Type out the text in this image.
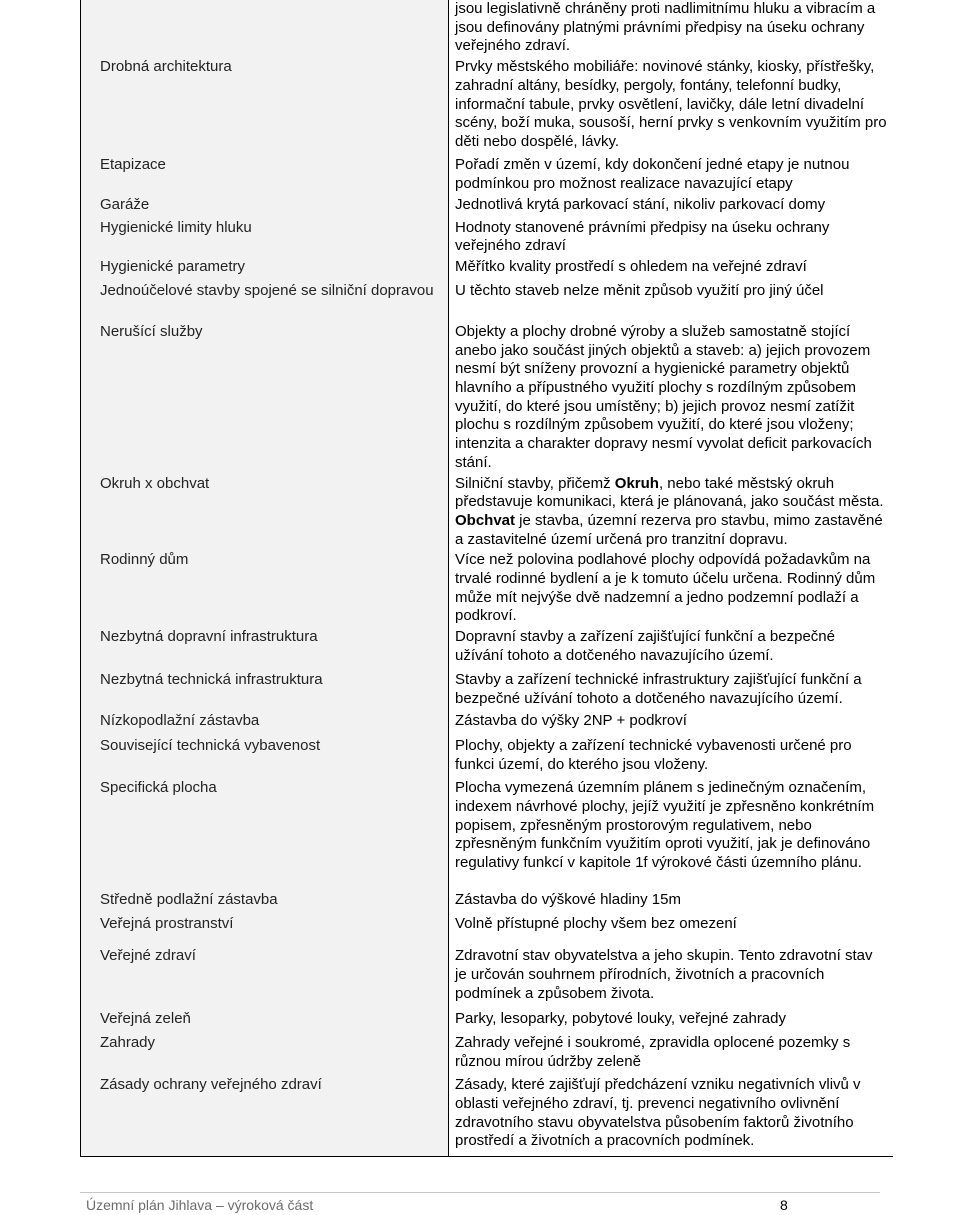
	jsou legislativně chráněny proti nadlimitnímu hluku a vibracím a jsou definovány platnými právními předpisy na úseku ochrany veřejného zdraví.
Drobná architektura	Prvky městského mobiliáře: novinové stánky, kiosky, přístřešky, zahradní altány, besídky, pergoly, fontány, telefonní budky, informační tabule, prvky osvětlení, lavičky, dále letní divadelní scény, boží muka, sousoší, herní prvky s venkovním využitím pro děti nebo dospělé, lávky.
Etapizace	Pořadí změn v území, kdy dokončení jedné etapy je nutnou podmínkou pro možnost realizace navazující etapy
Garáže	Jednotlivá krytá parkovací stání, nikoliv parkovací domy
Hygienické limity hluku	Hodnoty stanovené právními předpisy na úseku ochrany veřejného zdraví
Hygienické parametry	Měřítko kvality prostředí s ohledem na veřejné zdraví
Jednoúčelové stavby spojené se silniční dopravou	U těchto staveb nelze měnit způsob využití pro jiný účel
Nerušící služby	Objekty a plochy drobné výroby a služeb samostatně stojící anebo jako součást jiných objektů a staveb: a) jejich provozem nesmí být sníženy provozní a hygienické parametry objektů hlavního a přípustného využití plochy s rozdílným způsobem využití, do které jsou umístěny; b) jejich provoz nesmí zatížit plochu s rozdílným způsobem využití, do které jsou vloženy; intenzita a charakter dopravy nesmí vyvolat deficit parkovacích stání.
Okruh x obchvat	Silniční stavby, přičemž Okruh, nebo také městský okruh představuje komunikaci, která je plánovaná, jako součást města. Obchvat je stavba, územní rezerva pro stavbu, mimo zastavěné a zastavitelné území určená pro tranzitní dopravu.
Rodinný dům	Více než polovina podlahové plochy odpovídá požadavkům na trvalé rodinné bydlení a je k tomuto účelu určena. Rodinný dům může mít nejvýše dvě nadzemní a jedno podzemní podlaží a podkroví.
Nezbytná dopravní infrastruktura	Dopravní stavby a zařízení zajišťující funkční a bezpečné užívání tohoto a dotčeného navazujícího území.
Nezbytná technická infrastruktura	Stavby a zařízení technické infrastruktury zajišťující funkční a bezpečné užívání tohoto a dotčeného navazujícího území.
Nízkopodlažní zástavba	Zástavba do výšky 2NP + podkroví
Související technická vybavenost	Plochy, objekty a zařízení technické vybavenosti určené pro funkci území, do kterého jsou vloženy.
Specifická plocha	Plocha vymezená územním plánem s jedinečným označením, indexem návrhové plochy, jejíž využití je zpřesněno konkrétním popisem, zpřesněným prostorovým regulativem, nebo zpřesněným funkčním využitím oproti využití, jak je definováno regulativy funkcí v kapitole 1f výrokové části územního plánu.
Středně podlažní zástavba	Zástavba do výškové hladiny 15m
Veřejná prostranství	Volně přístupné plochy všem bez omezení
Veřejné zdraví	Zdravotní stav obyvatelstva a jeho skupin. Tento zdravotní stav je určován souhrnem přírodních, životních a pracovních podmínek a způsobem života.
Veřejná zeleň	Parky, lesoparky, pobytové louky, veřejné zahrady
Zahrady	Zahrady veřejné i soukromé, zpravidla oplocené pozemky s různou mírou údržby zeleně
Zásady ochrany veřejného zdraví	Zásady, které zajišťují předcházení vzniku negativních vlivů v oblasti veřejného zdraví, tj. prevenci negativního ovlivnění zdravotního stavu obyvatelstva působením faktorů životního prostředí a životních a pracovních podmínek.
Územní plán Jihlava – výroková část	8
